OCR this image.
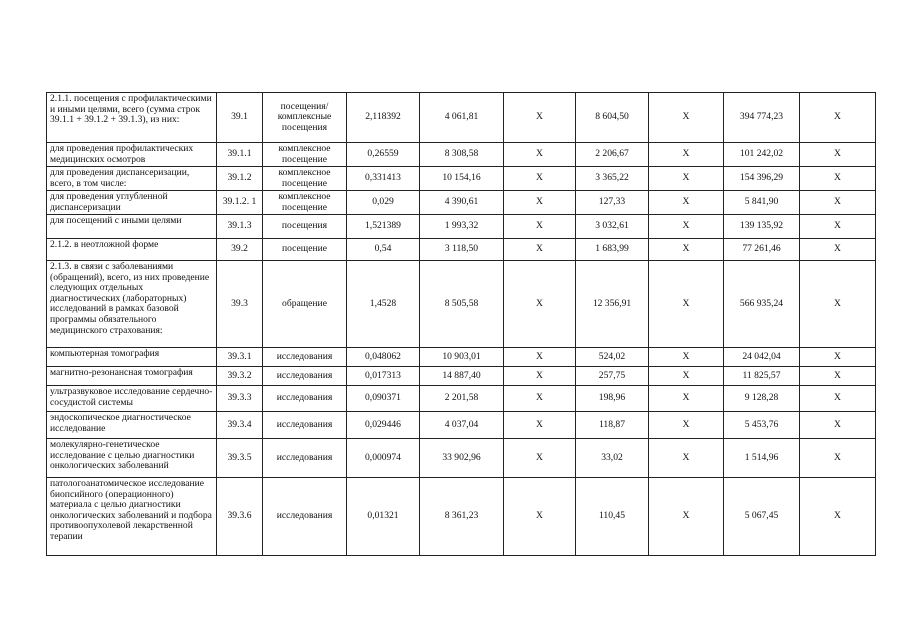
2.1.1. посещения с профилактическими и иными целями, всего (сумма строк 39.1.1 + 39.1.2 + 39.1.3), из них:	39.1	посещения/ комплексные посещения	2,118392	4 061,81	X	8 604,50	X	394 774,23	X
для проведения профилактических медицинских осмотров	39.1.1	комплексное посещение	0,26559	8 308,58	X	2 206,67	X	101 242,02	X
для проведения диспансеризации, всего, в том числе:	39.1.2	комплексное посещение	0,331413	10 154,16	X	3 365,22	X	154 396,29	X
для проведения углубленной диспансеризации	39.1.2. 1	комплексное посещение	0,029	4 390,61	X	127,33	X	5 841,90	X
для посещений с иными целями	39.1.3	посещения	1,521389	1 993,32	X	3 032,61	X	139 135,92	X
2.1.2. в неотложной форме	39.2	посещение	0,54	3 118,50	X	1 683,99	X	77 261,46	X
2.1.3. в связи с заболеваниями (обращений), всего, из них проведение следующих отдельных диагностических (лабораторных) исследований в рамках базовой программы обязательного медицинского страхования:	39.3	обращение	1,4528	8 505,58	X	12 356,91	X	566 935,24	X
компьютерная томография	39.3.1	исследования	0,048062	10 903,01	X	524,02	X	24 042,04	X
магнитно-резонансная томография	39.3.2	исследования	0,017313	14 887,40	X	257,75	X	11 825,57	X
ультразвуковое исследование сердечно-сосудистой системы	39.3.3	исследования	0,090371	2 201,58	X	198,96	X	9 128,28	X
эндоскопическое диагностическое исследование	39.3.4	исследования	0,029446	4 037,04	X	118,87	X	5 453,76	X
молекулярно-генетическое исследование с целью диагностики онкологических заболеваний	39.3.5	исследования	0,000974	33 902,96	X	33,02	X	1 514,96	X
патологоанатомическое исследование биопсийного (операционного) материала с целью диагностики онкологических заболеваний и подбора противоопухолевой лекарственной терапии	39.3.6	исследования	0,01321	8 361,23	X	110,45	X	5 067,45	X
